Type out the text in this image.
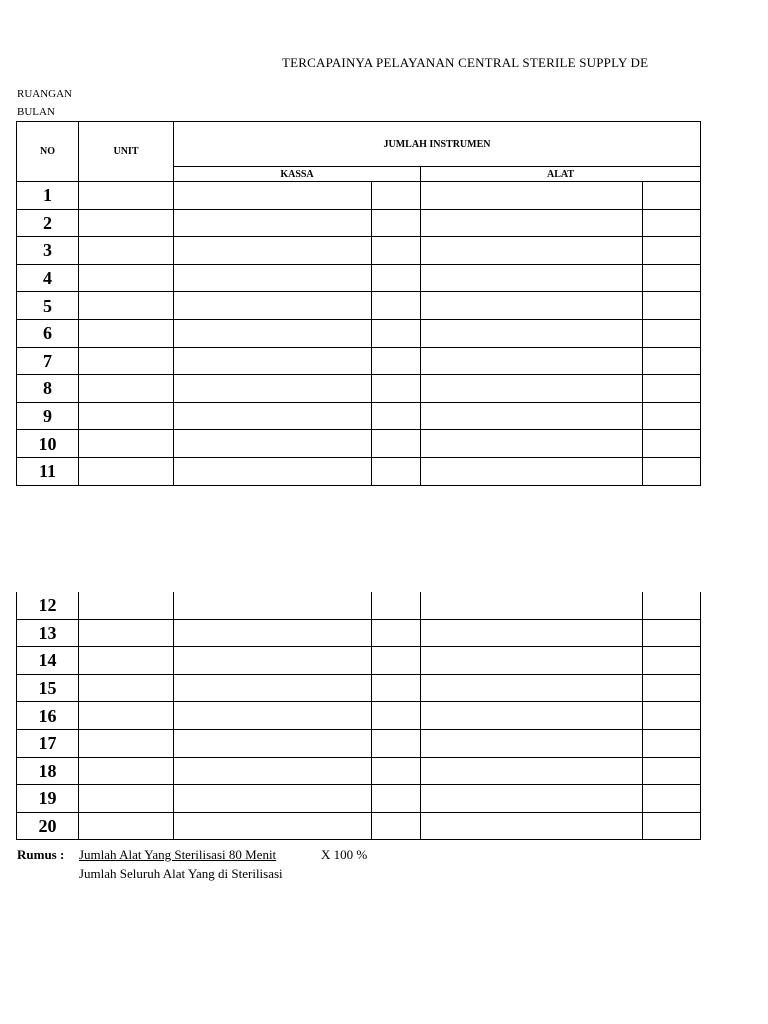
TERCAPAINYA PELAYANAN CENTRAL STERILE SUPPLY DE
RUANGAN
BULAN
NO	UNIT	JUMLAH INSTRUMEN			
		KASSA		ALAT	
1					
2					
3					
4					
5					
6					
7					
8					
9					
10					
11					
12					
13					
14					
15					
16					
17					
18					
19					
20					
Rumus : Jumlah Alat Yang Sterilisasi 80 Menit	X 100 %
Jumlah Seluruh Alat Yang di Sterilisasi
